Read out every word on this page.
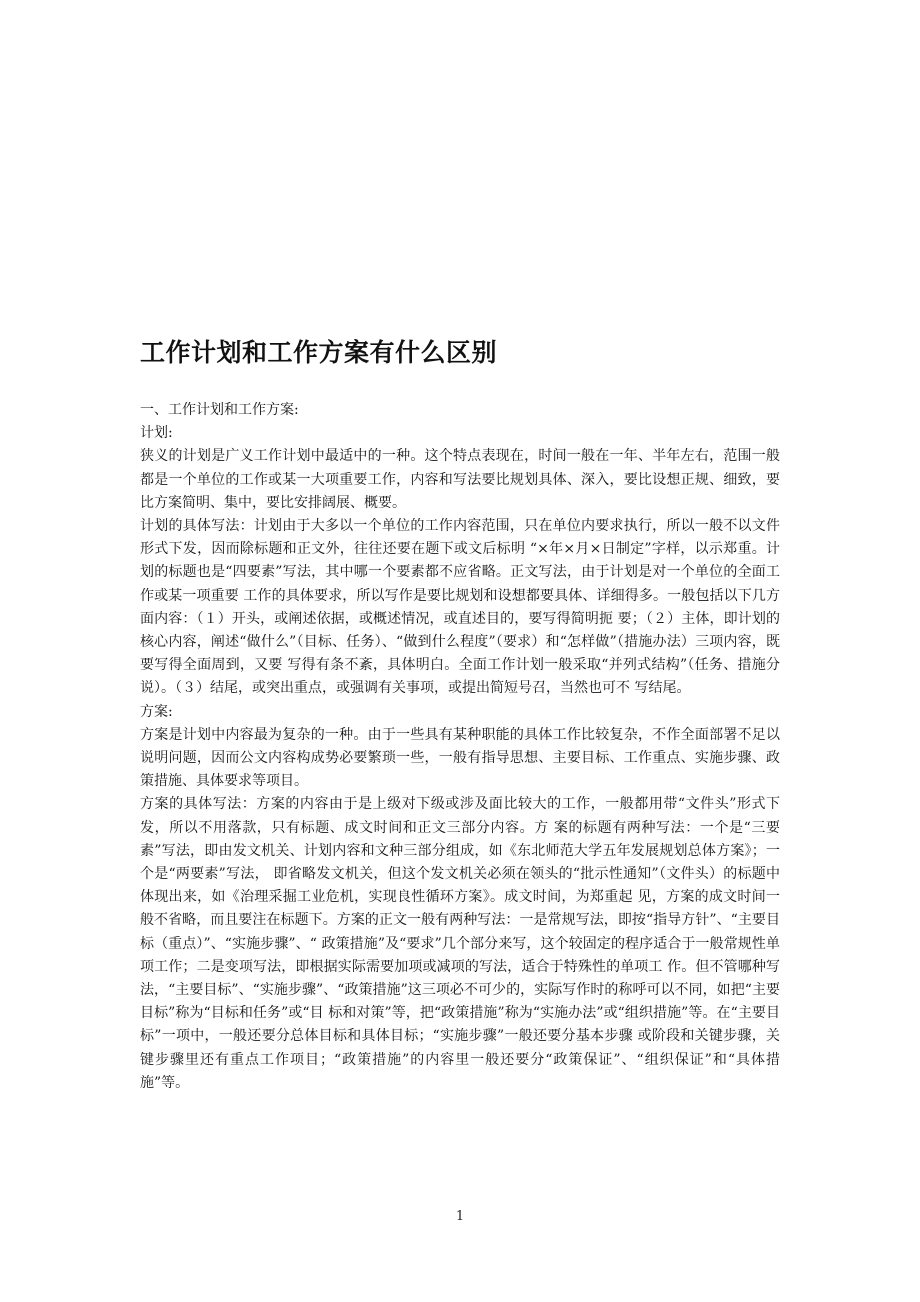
工作计划和工作方案有什么区别

一、工作计划和工作方案:

计划:

狭义的计划是广义工作计划中最适中的一种。这个特点表现在，时间一般在一年、半年左右，范围一般都是一个单位的工作或某一大项重要工作，内容和写法要比规划具体、深入，要比设想正规、细致，要比方案简明、集中，要比安排阔展、概要。

计划的具体写法：计划由于大多以一个单位的工作内容范围，只在单位内要求执行，所以一般不以文件形式下发，因而除标题和正文外，往往还要在题下或文后标明 “×年×月×日制定”字样，以示郑重。计划的标题也是“四要素”写法，其中哪一个要素都不应省略。正文写法，由于计划是对一个单位的全面工作或某一项重要 工作的具体要求，所以写作是要比规划和设想都要具体、详细得多。一般包括以下几方面内容：（１）开头，或阐述依据，或概述情况，或直述目的，要写得简明扼 要；（２）主体，即计划的核心内容，阐述“做什么”（目标、任务）、“做到什么程度”（要求）和“怎样做”（措施办法）三项内容，既要写得全面周到，又要 写得有条不紊，具体明白。全面工作计划一般采取“并列式结构”（任务、措施分说）。（３）结尾，或突出重点，或强调有关事项，或提出简短号召，当然也可不 写结尾。

方案:

方案是计划中内容最为复杂的一种。由于一些具有某种职能的具体工作比较复杂，不作全面部署不足以说明问题，因而公文内容构成势必要繁琐一些，一般有指导思想、主要目标、工作重点、实施步骤、政策措施、具体要求等项目。

方案的具体写法：方案的内容由于是上级对下级或涉及面比较大的工作，一般都用带“文件头”形式下发，所以不用落款，只有标题、成文时间和正文三部分内容。方 案的标题有两种写法：一个是“三要素”写法，即由发文机关、计划内容和文种三部分组成，如《东北师范大学五年发展规划总体方案》；一个是“两要素”写法， 即省略发文机关，但这个发文机关必须在领头的“批示性通知”（文件头）的标题中体现出来，如《治理采掘工业危机，实现良性循环方案》。成文时间，为郑重起 见，方案的成文时间一般不省略，而且要注在标题下。方案的正文一般有两种写法：一是常规写法，即按“指导方针”、“主要目标（重点）”、“实施步骤”、“ 政策措施”及“要求”几个部分来写，这个较固定的程序适合于一般常规性单项工作；二是变项写法，即根据实际需要加项或减项的写法，适合于特殊性的单项工 作。但不管哪种写法，“主要目标”、“实施步骤”、“政策措施”这三项必不可少的，实际写作时的称呼可以不同，如把“主要目标”称为“目标和任务”或“目 标和对策”等，把“政策措施”称为“实施办法”或“组织措施”等。在“主要目标”一项中，一般还要分总体目标和具体目标；“实施步骤”一般还要分基本步骤 或阶段和关键步骤，关键步骤里还有重点工作项目；“政策措施”的内容里一般还要分“政策保证”、“组织保证”和“具体措施”等。

1
